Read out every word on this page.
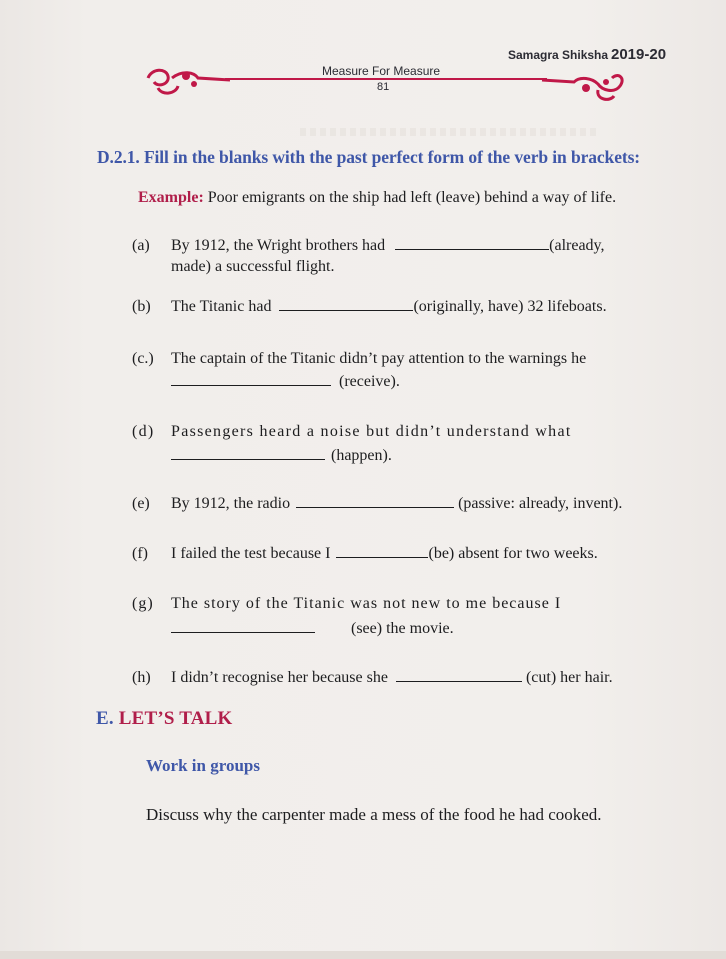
Samagra Shiksha 2019-20
Measure For Measure
81
D.2.1. Fill in the blanks with the past perfect form of the verb in brackets:
Example: Poor emigrants on the ship had left (leave) behind a way of life.
(a) By 1912, the Wright brothers had	(already,
made) a successful flight.
(b) The Titanic had	(originally, have) 32 lifeboats.
(c.) The captain of the Titanic didn’t pay attention to the warnings he
(receive).
(d) Passengers heard a noise but didn’t understand what
(happen).
(e) By 1912, the radio	(passive: already, invent).
(f) I failed the test because I	(be) absent for two weeks.
(g) The story of the Titanic was not new to me because I
(see) the movie.
(h) I didn’t recognise her because she	(cut) her hair.
E. LET’S TALK
Work in groups
Discuss why the carpenter made a mess of the food he had cooked.
